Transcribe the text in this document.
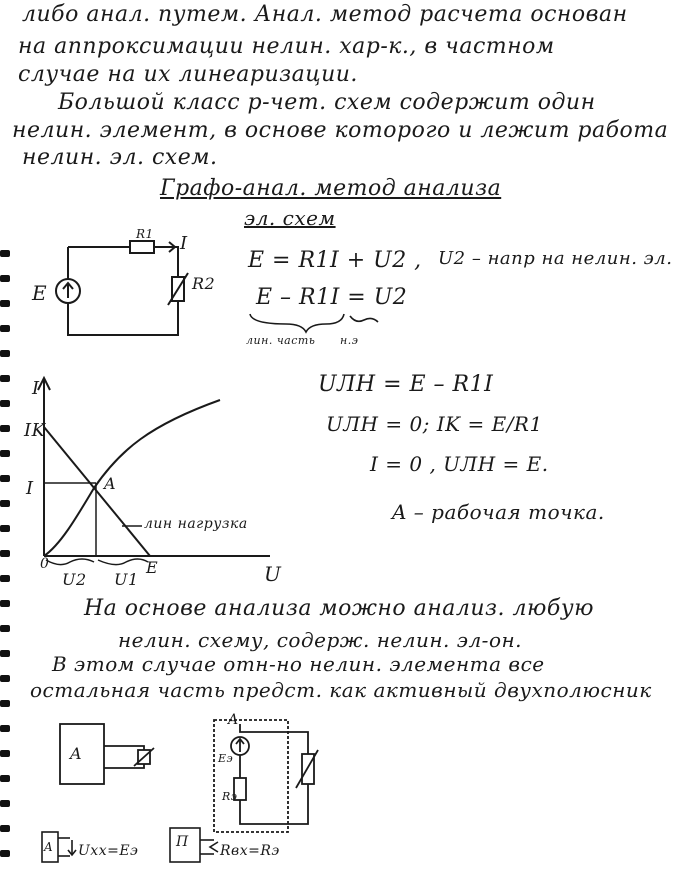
либо анал. путем. Анал. метод расчета основан
на аппроксимации нелин. хар-к., в частном
случае на их линеаризации.
Большой класс р-чет. схем содержит один
нелин. элемент, в основе которого и лежит работа
нелин. эл. схем.
Графо-анал. метод анализа
эл. схем
E
R1 I
R2
E = R1I + U2 , U2 – напр на нелин. эл.
E – R1I = U2
лин. часть н.э
I
IK
I	A
лин нагрузка
0
U2 U1
E	U
UЛН = E – R1I
UЛН = 0; IK = E/R1
I = 0 , UЛН = E.
A – рабочая точка.
На основе анализа можно анализ. любую
нелин. схему, содерж. нелин. эл-он.
В этом случае отн-но нелин. элемента все
остальная часть предст. как активный двухполюсник
A
A
Eэ
Rэ
A Uxx=Eэ
П
Rвх=Rэ
